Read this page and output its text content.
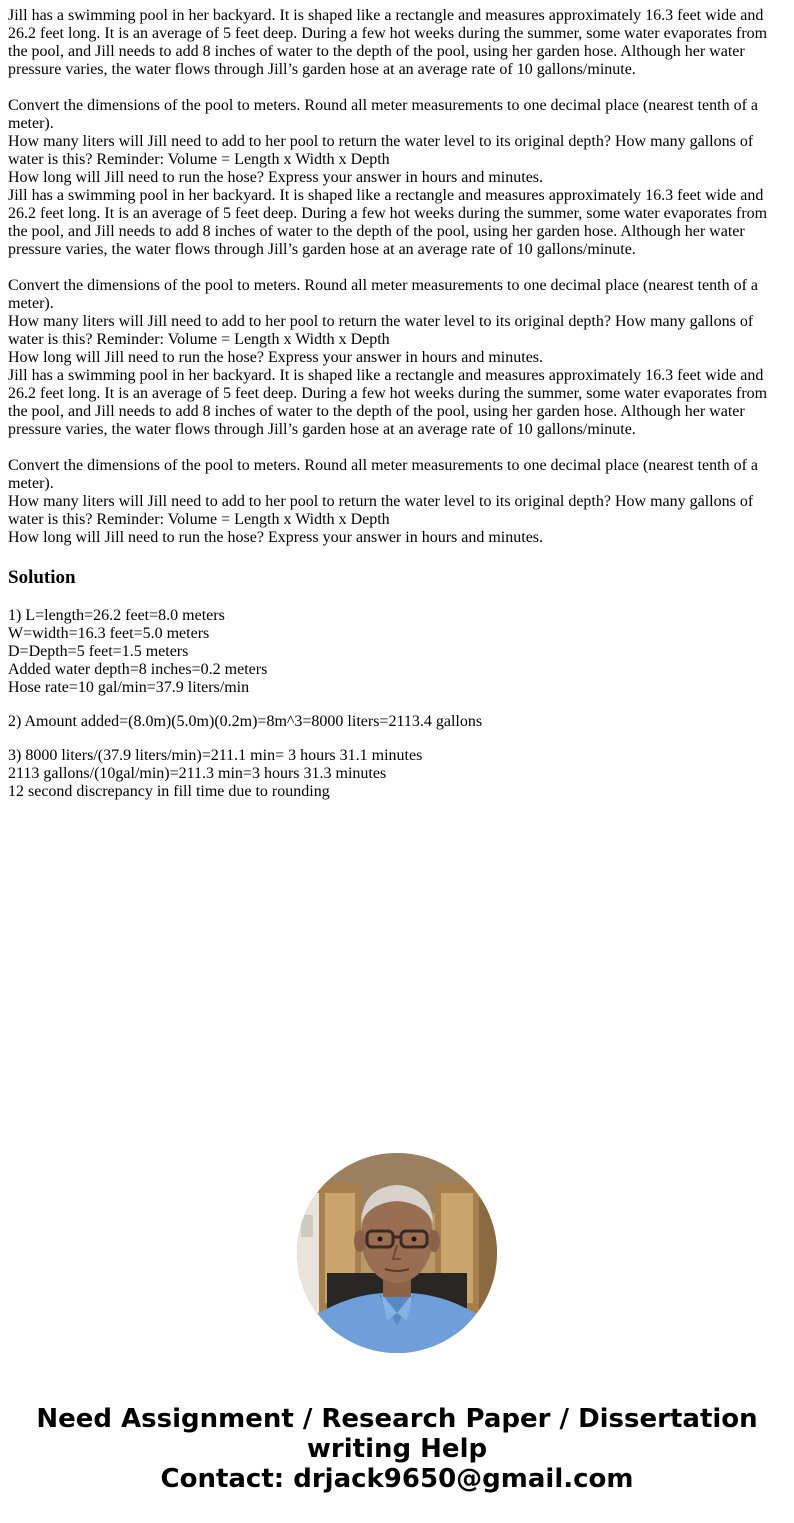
Jill has a swimming pool in her backyard. It is shaped like a rectangle and measures approximately 16.3 feet wide and 26.2 feet long. It is an average of 5 feet deep. During a few hot weeks during the summer, some water evaporates from the pool, and Jill needs to add 8 inches of water to the depth of the pool, using her garden hose. Although her water pressure varies, the water flows through Jill’s garden hose at an average rate of 10 gallons/minute.
Convert the dimensions of the pool to meters. Round all meter measurements to one decimal place (nearest tenth of a meter).
How many liters will Jill need to add to her pool to return the water level to its original depth? How many gallons of water is this? Reminder: Volume = Length x Width x Depth
How long will Jill need to run the hose? Express your answer in hours and minutes.
Jill has a swimming pool in her backyard. It is shaped like a rectangle and measures approximately 16.3 feet wide and 26.2 feet long. It is an average of 5 feet deep. During a few hot weeks during the summer, some water evaporates from the pool, and Jill needs to add 8 inches of water to the depth of the pool, using her garden hose. Although her water pressure varies, the water flows through Jill’s garden hose at an average rate of 10 gallons/minute.
Convert the dimensions of the pool to meters. Round all meter measurements to one decimal place (nearest tenth of a meter).
How many liters will Jill need to add to her pool to return the water level to its original depth? How many gallons of water is this? Reminder: Volume = Length x Width x Depth
How long will Jill need to run the hose? Express your answer in hours and minutes.
Jill has a swimming pool in her backyard. It is shaped like a rectangle and measures approximately 16.3 feet wide and 26.2 feet long. It is an average of 5 feet deep. During a few hot weeks during the summer, some water evaporates from the pool, and Jill needs to add 8 inches of water to the depth of the pool, using her garden hose. Although her water pressure varies, the water flows through Jill’s garden hose at an average rate of 10 gallons/minute.
Convert the dimensions of the pool to meters. Round all meter measurements to one decimal place (nearest tenth of a meter).
How many liters will Jill need to add to her pool to return the water level to its original depth? How many gallons of water is this? Reminder: Volume = Length x Width x Depth
How long will Jill need to run the hose? Express your answer in hours and minutes.
Solution
1) L=length=26.2 feet=8.0 meters
W=width=16.3 feet=5.0 meters
D=Depth=5 feet=1.5 meters
Added water depth=8 inches=0.2 meters
Hose rate=10 gal/min=37.9 liters/min
2) Amount added=(8.0m)(5.0m)(0.2m)=8m^3=8000 liters=2113.4 gallons
3) 8000 liters/(37.9 liters/min)=211.1 min= 3 hours 31.1 minutes
2113 gallons/(10gal/min)=211.3 min=3 hours 31.3 minutes
12 second discrepancy in fill time due to rounding
Need Assignment / Research Paper / Dissertation
writing Help
Contact: drjack9650@gmail.com
